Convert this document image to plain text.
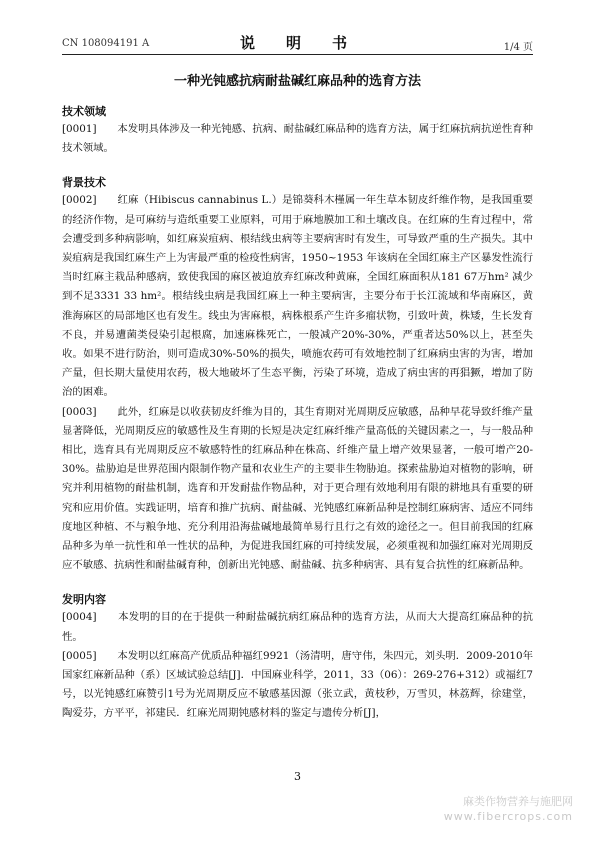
CN 108094191 A	说　明　书	1/4 页
一种光钝感抗病耐盐碱红麻品种的选育方法

技术领域

[0001]　　本发明具体涉及一种光钝感、抗病、耐盐碱红麻品种的选育方法，属于红麻抗病抗逆性育种技术领域。

背景技术

[0002]　　红麻（Hibiscus cannabinus L.）是锦葵科木槿属一年生草本韧皮纤维作物，是我国重要的经济作物，是可麻纺与造纸重要工业原料，可用于麻地膜加工和土壤改良。在红麻的生育过程中，常会遭受到多种病影响，如红麻炭疽病、根结线虫病等主要病害时有发生，可导致严重的生产损失。其中炭疽病是我国红麻生产上为害最严重的检疫性病害，1950~1953 年该病在全国红麻主产区暴发性流行当时红麻主栽品种感病，致使我国的麻区被迫放弃红麻改种黄麻，全国红麻面积从181 67万hm² 减少到不足3331 33 hm²。根结线虫病是我国红麻上一种主要病害，主要分布于长江流域和华南麻区，黄淮海麻区的局部地区也有发生。线虫为害麻根，病株根系产生许多瘤状物，引致叶黄，株矮，生长发育不良，并易遭菌类侵染引起根腐，加速麻株死亡，一般减产20%-30%，严重者达50%以上，甚至失收。如果不进行防治，则可造成30%-50%的损失，喷施农药可有效地控制了红麻病虫害的为害，增加产量，但长期大量使用农药，极大地破坏了生态平衡，污染了环境，造成了病虫害的再猖獗，增加了防治的困难。

[0003]　　此外，红麻是以收获韧皮纤维为目的，其生育期对光周期反应敏感，品种早花导致纤维产量显著降低，光周期反应的敏感性及生育期的长短是决定红麻纤维产量高低的关键因素之一，与一般品种相比，选育具有光周期反应不敏感特性的红麻品种在株高、纤维产量上增产效果显著，一般可增产20-30%。盐胁迫是世界范围内限制作物产量和农业生产的主要非生物胁迫。探索盐胁迫对植物的影响，研究并利用植物的耐盐机制，选育和开发耐盐作物品种，对于更合理有效地利用有限的耕地具有重要的研究和应用价值。实践证明，培育和推广抗病、耐盐碱、光钝感红麻新品种是控制红麻病害、适应不同纬度地区种植、不与粮争地、充分利用沿海盐碱地最简单易行且行之有效的途径之一。但目前我国的红麻品种多为单一抗性和单一性状的品种，为促进我国红麻的可持续发展，必须重视和加强红麻对光周期反应不敏感、抗病性和耐盐碱育种，创新出光钝感、耐盐碱、抗多种病害、具有复合抗性的红麻新品种。

发明内容

[0004]　　本发明的目的在于提供一种耐盐碱抗病红麻品种的选育方法，从而大大提高红麻品种的抗性。

[0005]　　本发明以红麻高产优质品种福红9921（汤清明，唐守伟，朱四元，刘头明．2009-2010年国家红麻新品种（系）区域试验总结[J]．中国麻业科学，2011，33（06）：269-276+312）或福红7号，以光钝感红麻赞引1号为光周期反应不敏感基因源（张立武，黄枝秒，万雪贝，林荔辉，徐建堂，陶爱芬，方平平，祁建民．红麻光周期钝感材料的鉴定与遗传分析[J]，

3
麻类作物营养与施肥网
www.fibercrops.com
